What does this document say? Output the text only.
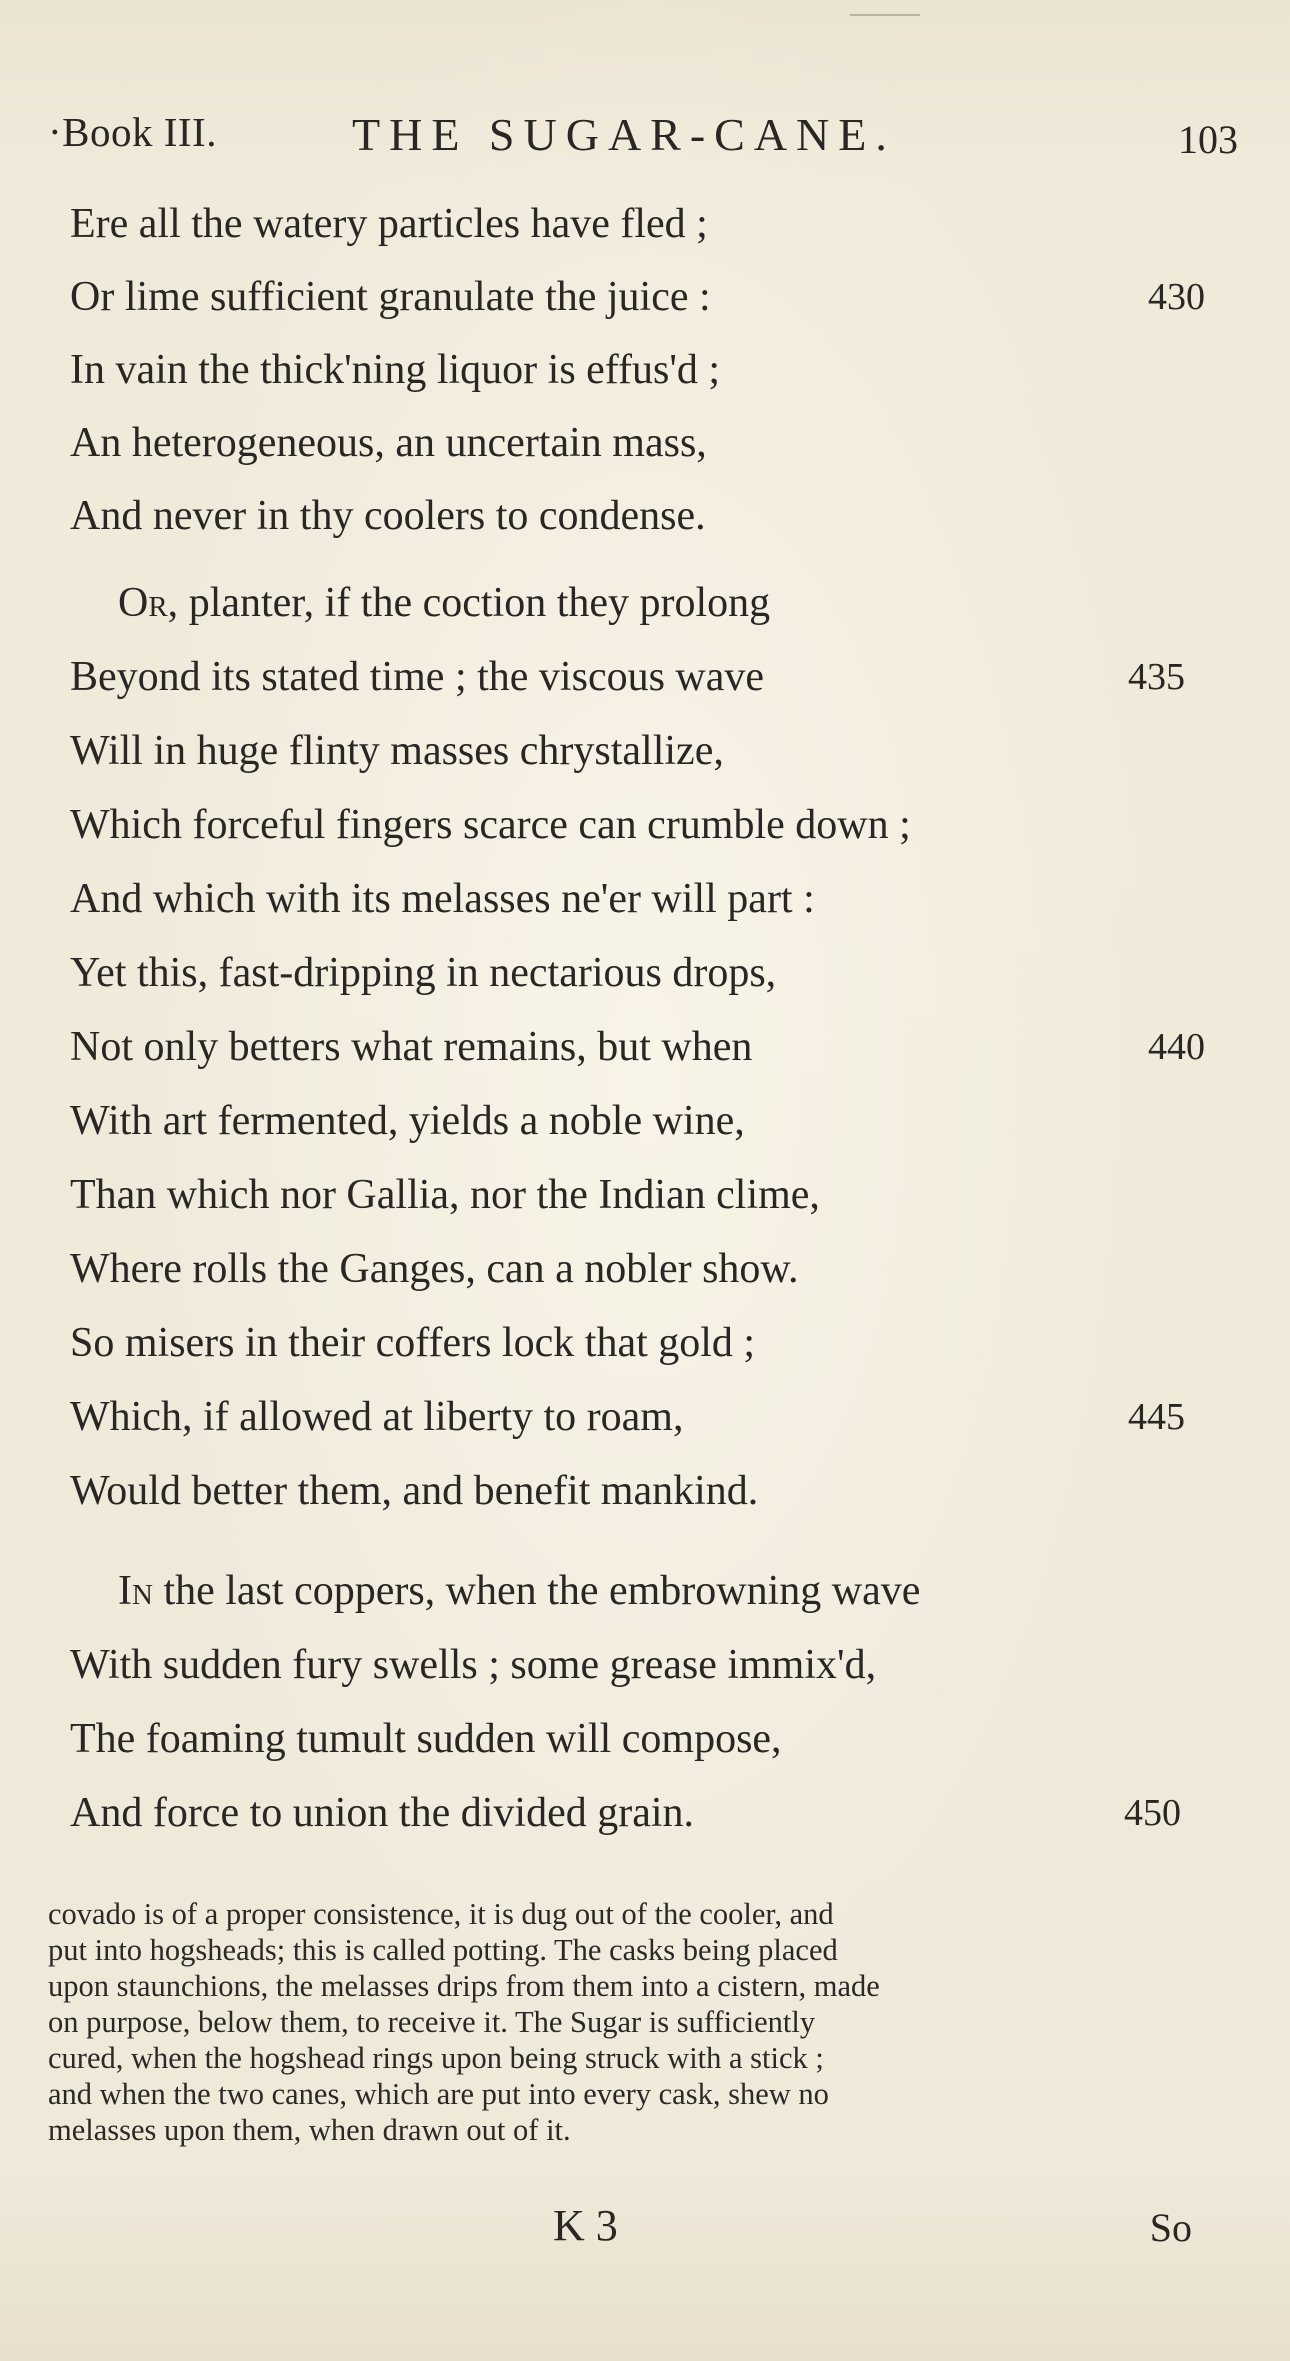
·Book III.	THE SUGAR-CANE.	103
Ere all the watery particles have fled ;
Or lime sufficient granulate the juice :	430
In vain the thick'ning liquor is effus'd ;
An heterogeneous, an uncertain mass,
And never in thy coolers to condense.
Or, planter, if the coction they prolong
Beyond its stated time ; the viscous wave	435
Will in huge flinty masses chrystallize,
Which forceful fingers scarce can crumble down ;
And which with its melasses ne'er will part :
Yet this, fast-dripping in nectarious drops,
Not only betters what remains, but when	440
With art fermented, yields a noble wine,
Than which nor Gallia, nor the Indian clime,
Where rolls the Ganges, can a nobler show.
So misers in their coffers lock that gold ;
Which, if allowed at liberty to roam,	445
Would better them, and benefit mankind.
In the last coppers, when the embrowning wave
With sudden fury swells ; some grease immix'd,
The foaming tumult sudden will compose,
And force to union the divided grain.	450
covado is of a proper consistence, it is dug out of the cooler, and
put into hogsheads; this is called potting. The casks being placed
upon staunchions, the melasses drips from them into a cistern, made
on purpose, below them, to receive it. The Sugar is sufficiently
cured, when the hogshead rings upon being struck with a stick ;
and when the two canes, which are put into every cask, shew no
melasses upon them, when drawn out of it.
K 3	So
